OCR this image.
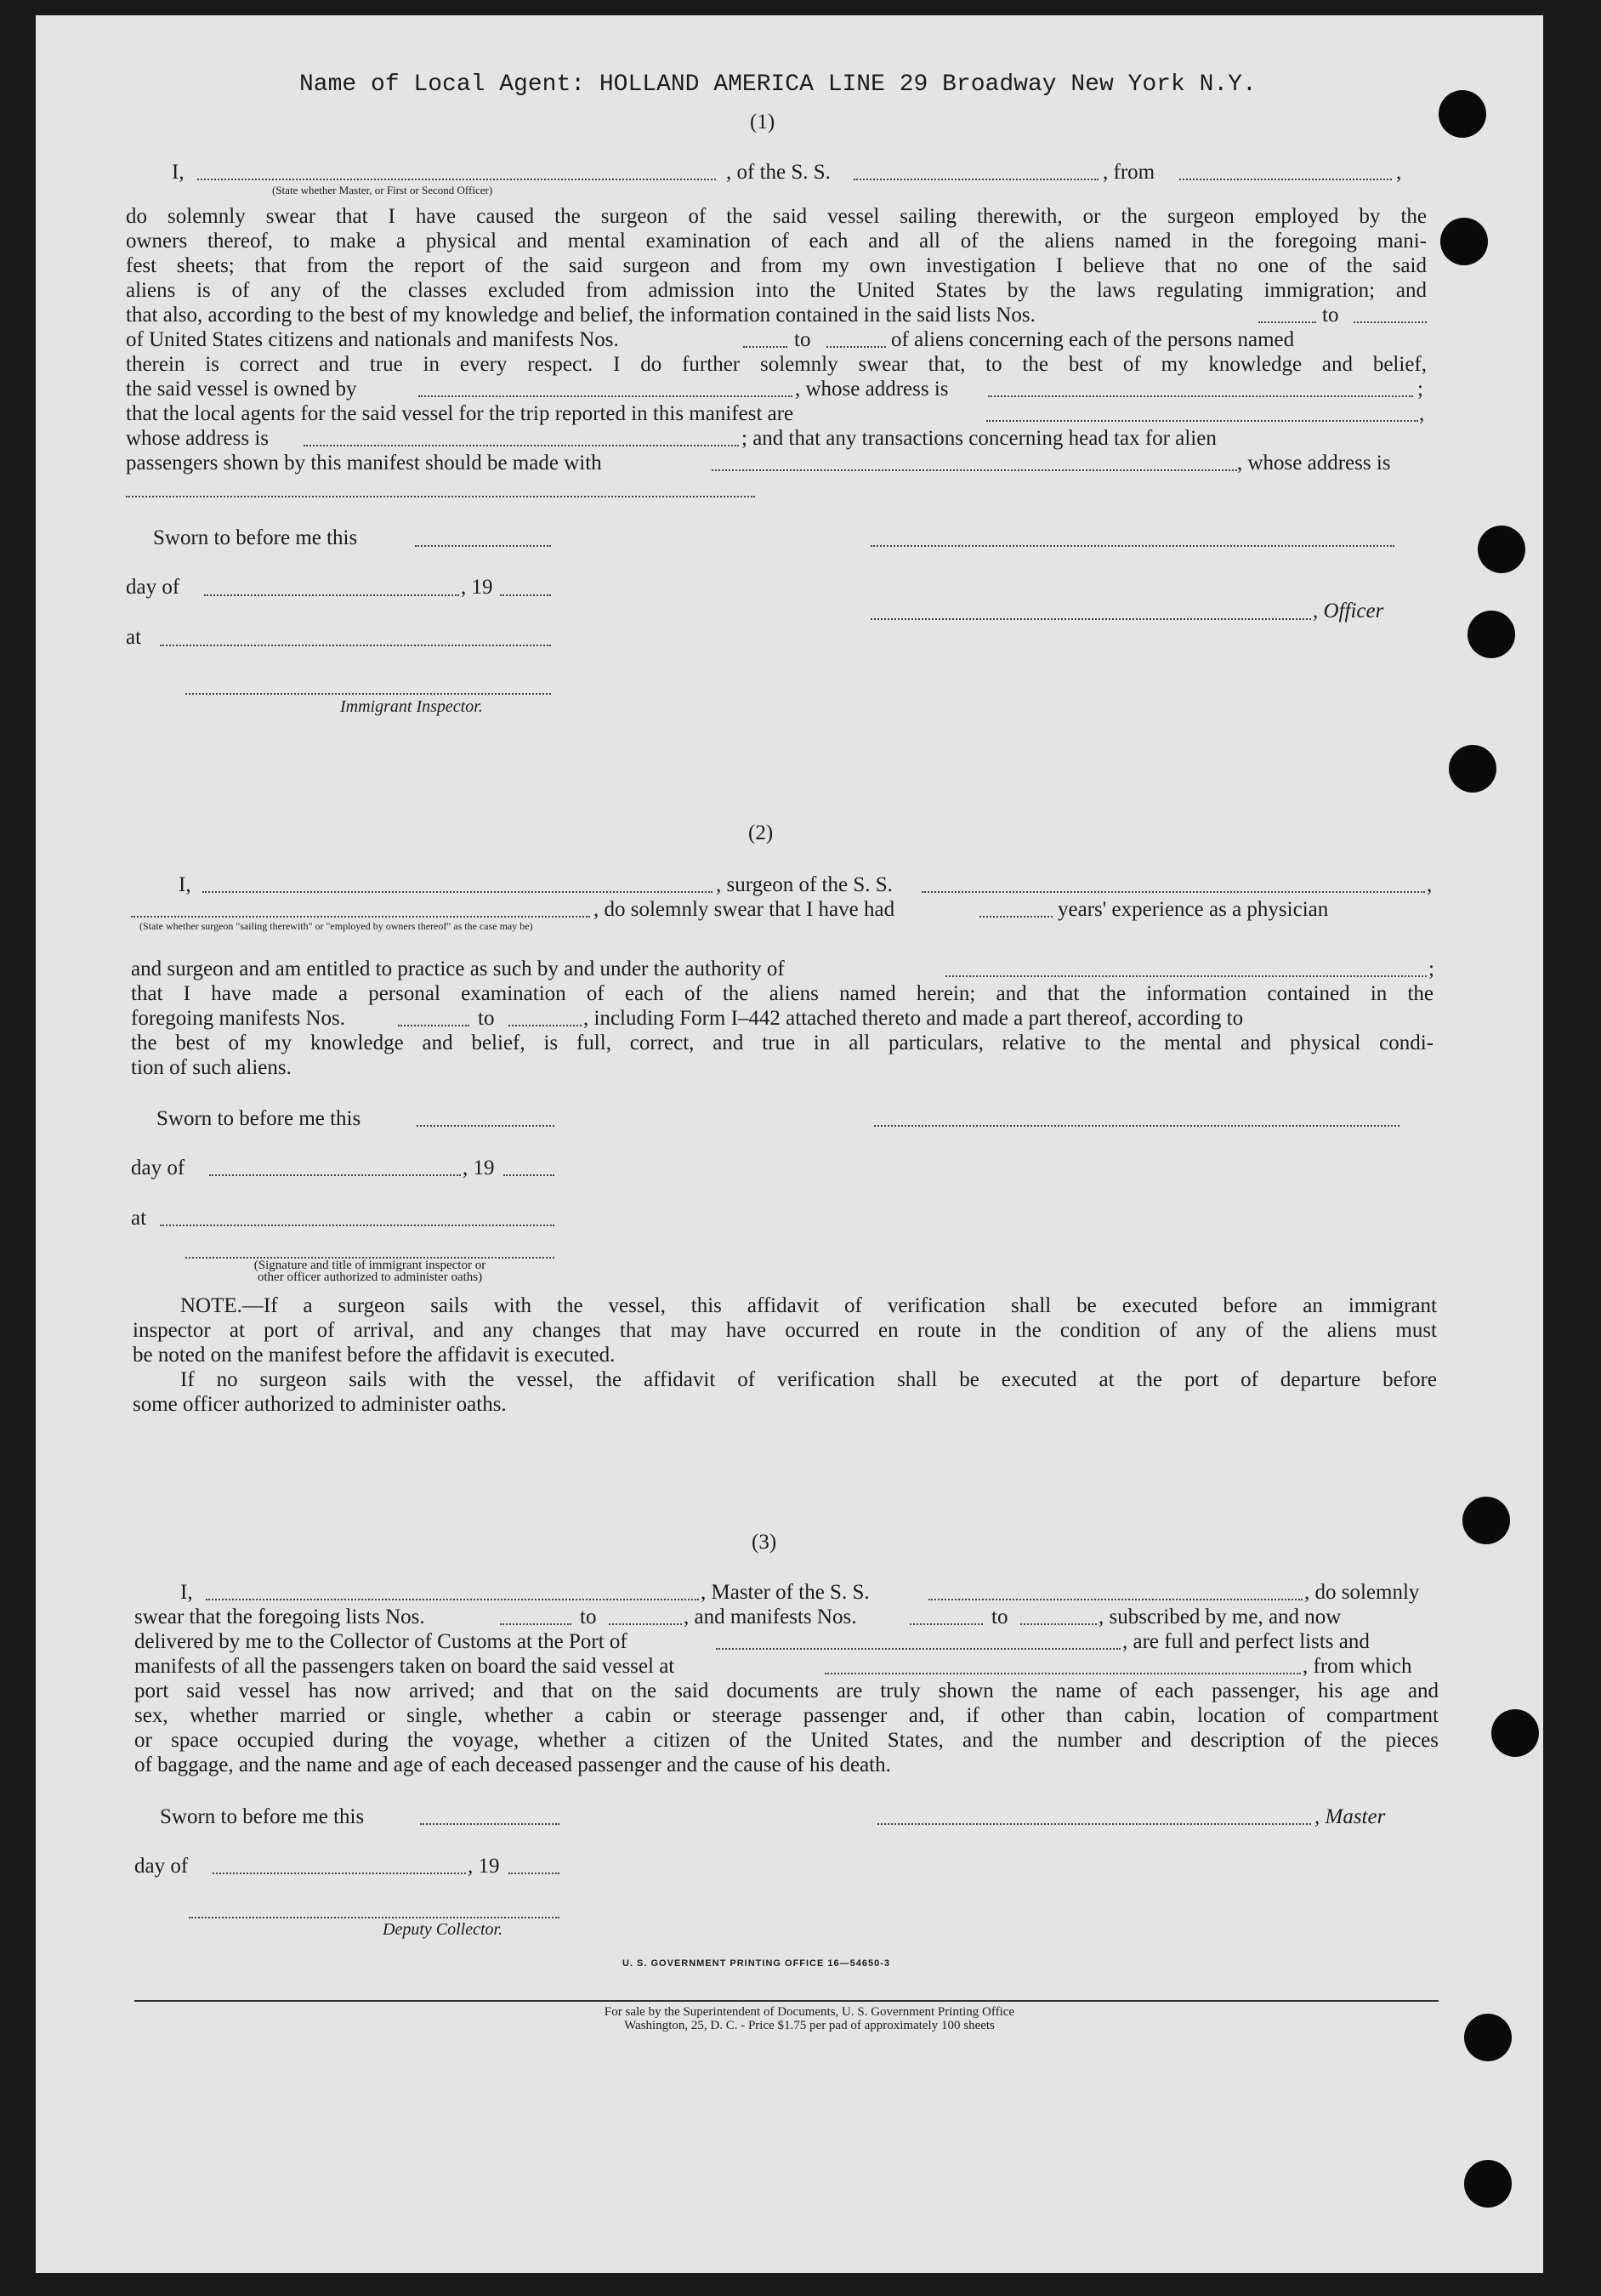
Name of Local Agent: HOLLAND AMERICA LINE 29 Broadway New York N.Y.
(1)
I,	, of the S. S.	, from	,
(State whether Master, or First or Second Officer)
do solemnly swear that I have caused the surgeon of the said vessel sailing therewith, or the surgeon employed by the
owners thereof, to make a physical and mental examination of each and all of the aliens named in the foregoing mani-
fest sheets; that from the report of the said surgeon and from my own investigation I believe that no one of the said
aliens is of any of the classes excluded from admission into the United States by the laws regulating immigration; and
that also, according to the best of my knowledge and belief, the information contained in the said lists Nos.	to
of United States citizens and nationals and manifests Nos.	to	of aliens concerning each of the persons named
therein is correct and true in every respect. I do further solemnly swear that, to the best of my knowledge and belief,
the said vessel is owned by	, whose address is	;
that the local agents for the said vessel for the trip reported in this manifest are	,
whose address is	; and that any transactions concerning head tax for alien
passengers shown by this manifest should be made with	, whose address is
Sworn to before me this
day of	, 19
, Officer
at
Immigrant Inspector.
(2)
I,	, surgeon of the S. S.	,
, do solemnly swear that I have had	years' experience as a physician
(State whether surgeon "sailing therewith" or "employed by owners thereof" as the case may be)
and surgeon and am entitled to practice as such by and under the authority of	;
that I have made a personal examination of each of the aliens named herein; and that the information contained in the
foregoing manifests Nos.	to	, including Form I–442 attached thereto and made a part thereof, according to
the best of my knowledge and belief, is full, correct, and true in all particulars, relative to the mental and physical condi-
tion of such aliens.
Sworn to before me this
day of	, 19
at
(Signature and title of immigrant inspector or
other officer authorized to administer oaths)
NOTE.—If a surgeon sails with the vessel, this affidavit of verification shall be executed before an immigrant
inspector at port of arrival, and any changes that may have occurred en route in the condition of any of the aliens must
be noted on the manifest before the affidavit is executed.
If no surgeon sails with the vessel, the affidavit of verification shall be executed at the port of departure before
some officer authorized to administer oaths.
(3)
I,	, Master of the S. S.	, do solemnly
swear that the foregoing lists Nos.	to	, and manifests Nos.	to	, subscribed by me, and now
delivered by me to the Collector of Customs at the Port of	, are full and perfect lists and
manifests of all the passengers taken on board the said vessel at	, from which
port said vessel has now arrived; and that on the said documents are truly shown the name of each passenger, his age and
sex, whether married or single, whether a cabin or steerage passenger and, if other than cabin, location of compartment
or space occupied during the voyage, whether a citizen of the United States, and the number and description of the pieces
of baggage, and the name and age of each deceased passenger and the cause of his death.
Sworn to before me this	, Master
day of	, 19
Deputy Collector.
U. S. GOVERNMENT PRINTING OFFICE 16—54650-3
For sale by the Superintendent of Documents, U. S. Government Printing Office
Washington, 25, D. C. - Price $1.75 per pad of approximately 100 sheets
